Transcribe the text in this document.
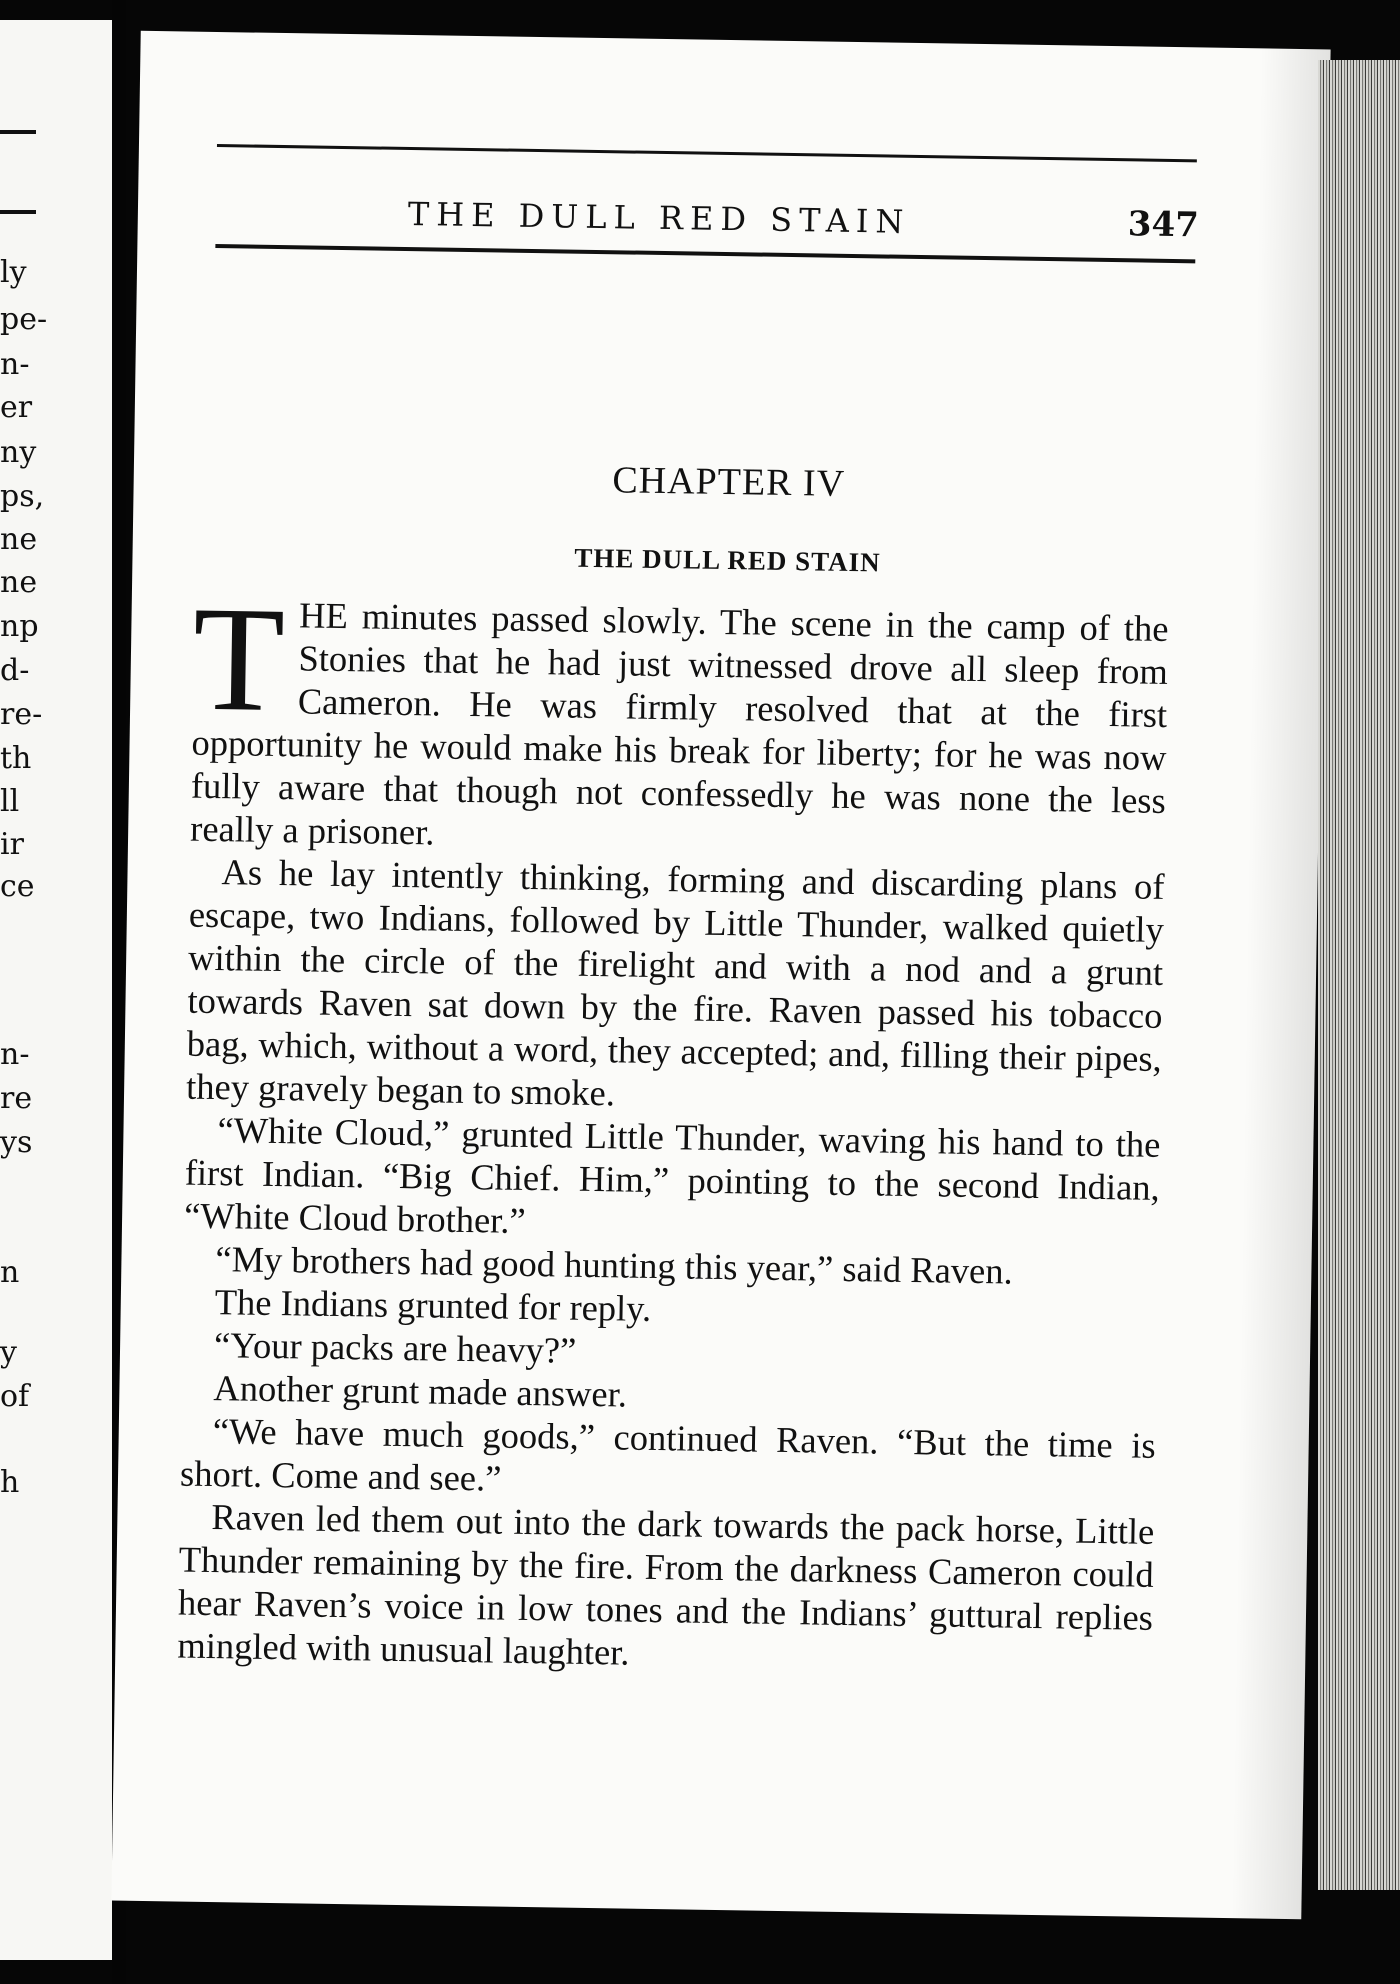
ly
pe-
n-
er
ny
ps,
ne
ne
np
d-
re-
th
ll
ir
ce
n-
re
ys
n
y
of
h
THE DULL RED STAIN	347
CHAPTER IV
THE DULL RED STAIN

THE minutes passed slowly. The scene in the camp of the Stonies that he had just witnessed drove all sleep from Cameron. He was firmly resolved that at the first opportunity he would make his break for liberty; for he was now fully aware that though not confessedly he was none the less really a prisoner.

As he lay intently thinking, forming and discarding plans of escape, two Indians, followed by Little Thunder, walked quietly within the circle of the firelight and with a nod and a grunt towards Raven sat down by the fire. Raven passed his tobacco bag, which, without a word, they accepted; and, filling their pipes, they gravely began to smoke.

“White Cloud,” grunted Little Thunder, waving his hand to the first Indian. “Big Chief. Him,” pointing to the second Indian, “White Cloud brother.”

“My brothers had good hunting this year,” said Raven.

The Indians grunted for reply.

“Your packs are heavy?”

Another grunt made answer.

“We have much goods,” continued Raven. “But the time is short. Come and see.”

Raven led them out into the dark towards the pack horse, Little Thunder remaining by the fire. From the darkness Cameron could hear Raven’s voice in low tones and the Indians’ guttural replies mingled with unusual laughter.
